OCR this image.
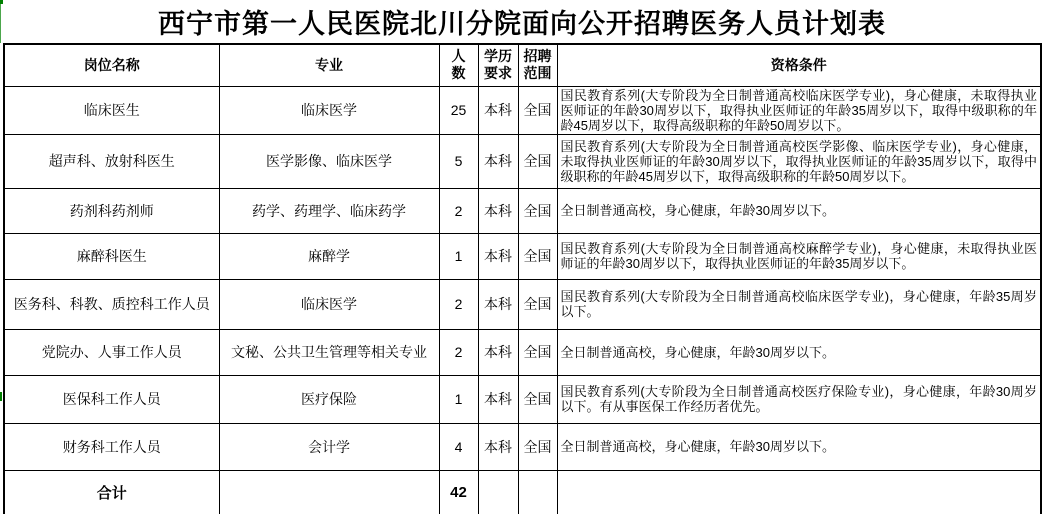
西宁市第一人民医院北川分院面向公开招聘医务人员计划表
岗位名称	专业	人数	学历要求	招聘范围	资格条件
临床医生	临床医学	25	本科	全国	国民教育系列(大专阶段为全日制普通高校临床医学专业)，身心健康，未取得执业医师证的年龄30周岁以下，取得执业医师证的年龄35周岁以下，取得中级职称的年龄45周岁以下，取得高级职称的年龄50周岁以下。
超声科、放射科医生	医学影像、临床医学	5	本科	全国	国民教育系列(大专阶段为全日制普通高校医学影像、临床医学专业)，身心健康，未取得执业医师证的年龄30周岁以下，取得执业医师证的年龄35周岁以下，取得中级职称的年龄45周岁以下，取得高级职称的年龄50周岁以下。
药剂科药剂师	药学、药理学、临床药学	2	本科	全国	全日制普通高校，身心健康，年龄30周岁以下。
麻醉科医生	麻醉学	1	本科	全国	国民教育系列(大专阶段为全日制普通高校麻醉学专业)，身心健康，未取得执业医师证的年龄30周岁以下，取得执业医师证的年龄35周岁以下。
医务科、科教、质控科工作人员	临床医学	2	本科	全国	国民教育系列(大专阶段为全日制普通高校临床医学专业)，身心健康，年龄35周岁以下。
党院办、人事工作人员	文秘、公共卫生管理等相关专业	2	本科	全国	全日制普通高校，身心健康，年龄30周岁以下。
医保科工作人员	医疗保险	1	本科	全国	国民教育系列(大专阶段为全日制普通高校医疗保险专业)，身心健康，年龄30周岁以下。有从事医保工作经历者优先。
财务科工作人员	会计学	4	本科	全国	全日制普通高校，身心健康，年龄30周岁以下。
合计		42			
